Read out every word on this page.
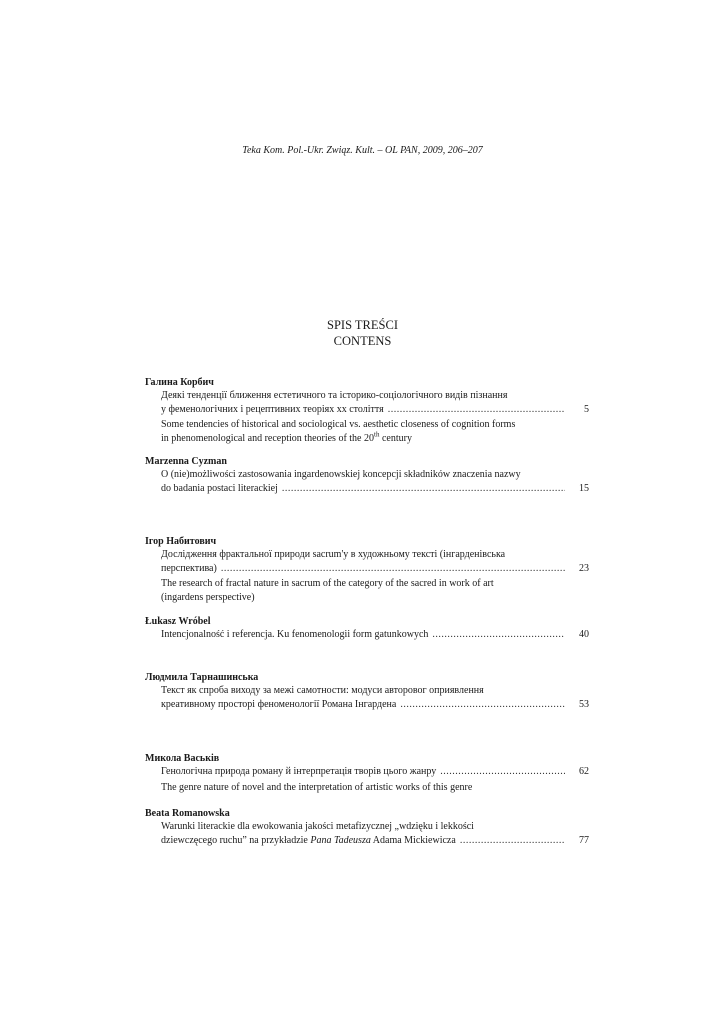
Teka Kom. Pol.-Ukr. Związ. Kult. – OL PAN, 2009, 206–207
SPIS TREŚCI
CONTENS
Галина Корбич
Деякі тенденції ближення естетичного та історико-соціологічного видів пізнання
у феменологічних і рецептивних теоріях хх століття .....	5
Some tendencies of historical and sociological vs. aesthetic closeness of cognition forms
in phenomenological and reception theories of the 20th century
Marzenna Cyzman
O (nie)możliwości zastosowania ingardenowskiej koncepcji składników znaczenia nazwy
do badania postaci literackiej .....	15
Ігор Набитович
Дослідження фрактальної природи sacrum'у в художньому тексті (інгарденівська
перспектива) .....	23
The research of fractal nature in sacrum of the category of the sacred in work of art
(ingardens perspective)
Łukasz Wróbel
Intencjonalność i referencja. Ku fenomenologii form gatunkowych .....	40
Людмила Тарнашинська
Текст як спроба виходу за межі самотности: модуси авторовог оприявлення
креативному просторі феноменології Романа Інгардена .....	53
Микола Васьків
Генологічна природа роману й інтерпретація творів цього жанру .....	62
The genre nature of novel and the interpretation of artistic works of this genre
Beata Romanowska
Warunki literackie dla ewokowania jakości metafizycznej „wdzięku i lekkości
dziewczęcego ruchu” na przykładzie Pana Tadeusza Adama Mickiewicza .....	77
